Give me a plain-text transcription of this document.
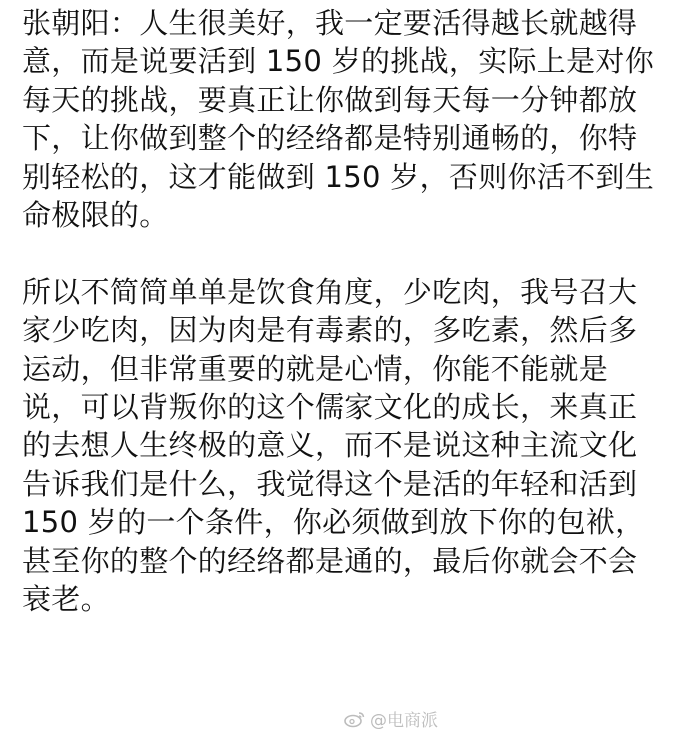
张朝阳：人生很美好，我一定要活得越长就越得

意，而是说要活到 150 岁的挑战，实际上是对你

每天的挑战，要真正让你做到每天每一分钟都放

下，让你做到整个的经络都是特别通畅的，你特

别轻松的，这才能做到 150 岁，否则你活不到生

命极限的。

所以不简简单单是饮食角度，少吃肉，我号召大

家少吃肉，因为肉是有毒素的，多吃素，然后多

运动，但非常重要的就是心情，你能不能就是

说，可以背叛你的这个儒家文化的成长，来真正

的去想人生终极的意义，而不是说这种主流文化

告诉我们是什么，我觉得这个是活的年轻和活到

150 岁的一个条件，你必须做到放下你的包袱，

甚至你的整个的经络都是通的，最后你就会不会

衰老。

@电商派
